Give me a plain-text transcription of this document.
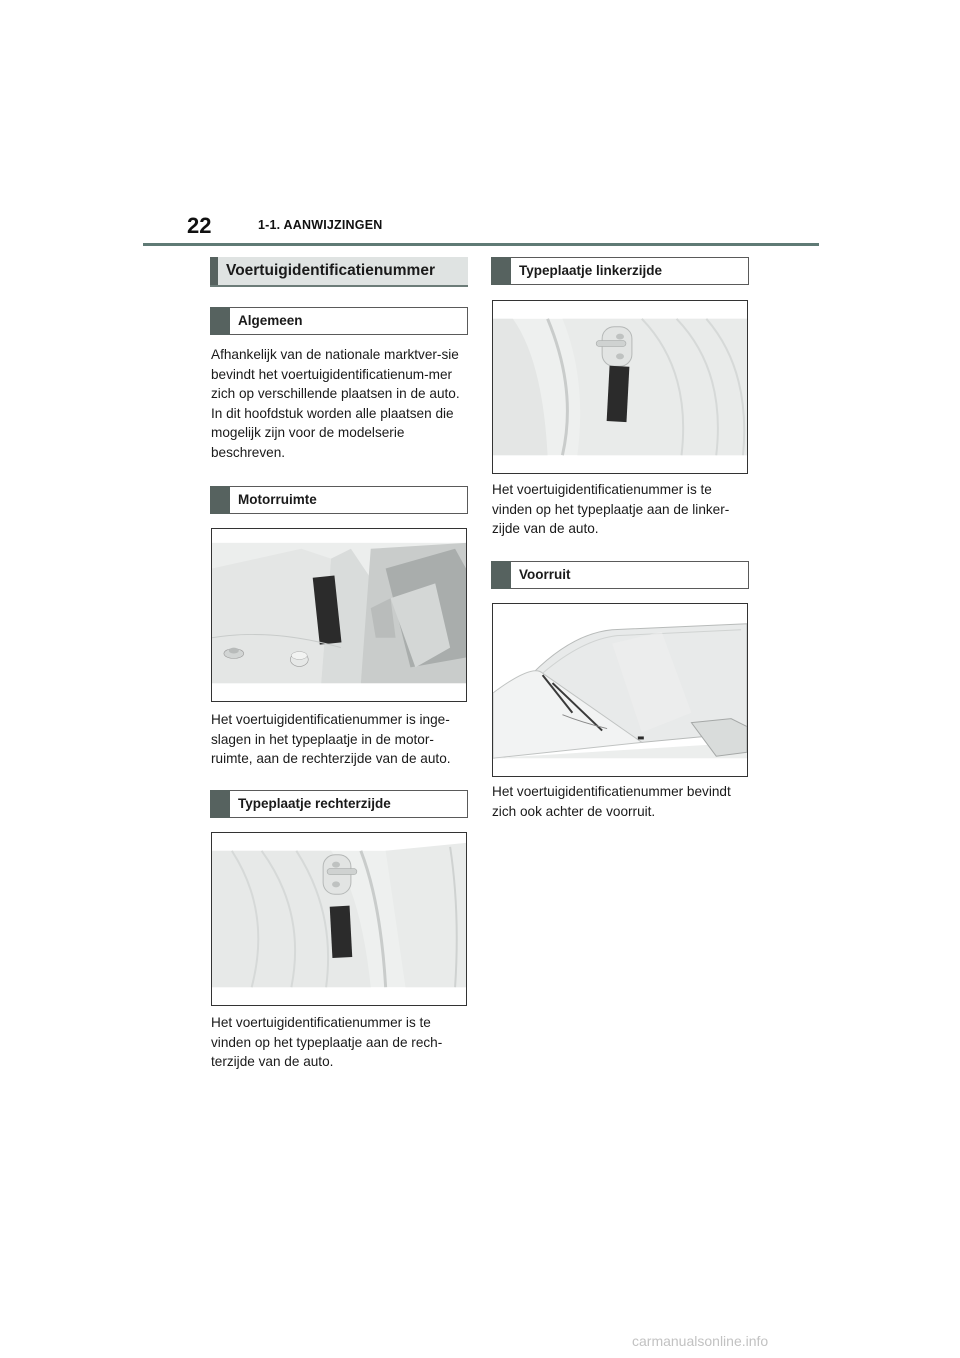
22	1-1. AANWIJZINGEN
Voertuigidentificatienummer
Algemeen
Afhankelijk van de nationale marktver-sie bevindt het voertuigidentificatienum-mer zich op verschillende plaatsen in de auto. In dit hoofdstuk worden alle plaatsen die mogelijk zijn voor de modelserie beschreven.
Motorruimte
Het voertuigidentificatienummer is inge-slagen in het typeplaatje in de motor-ruimte, aan de rechterzijde van de auto.
Typeplaatje rechterzijde
Het voertuigidentificatienummer is te vinden op het typeplaatje aan de rech-terzijde van de auto.
Typeplaatje linkerzijde
Het voertuigidentificatienummer is te vinden op het typeplaatje aan de linker-zijde van de auto.
Voorruit
Het voertuigidentificatienummer bevindt zich ook achter de voorruit.
carmanualsonline.info
